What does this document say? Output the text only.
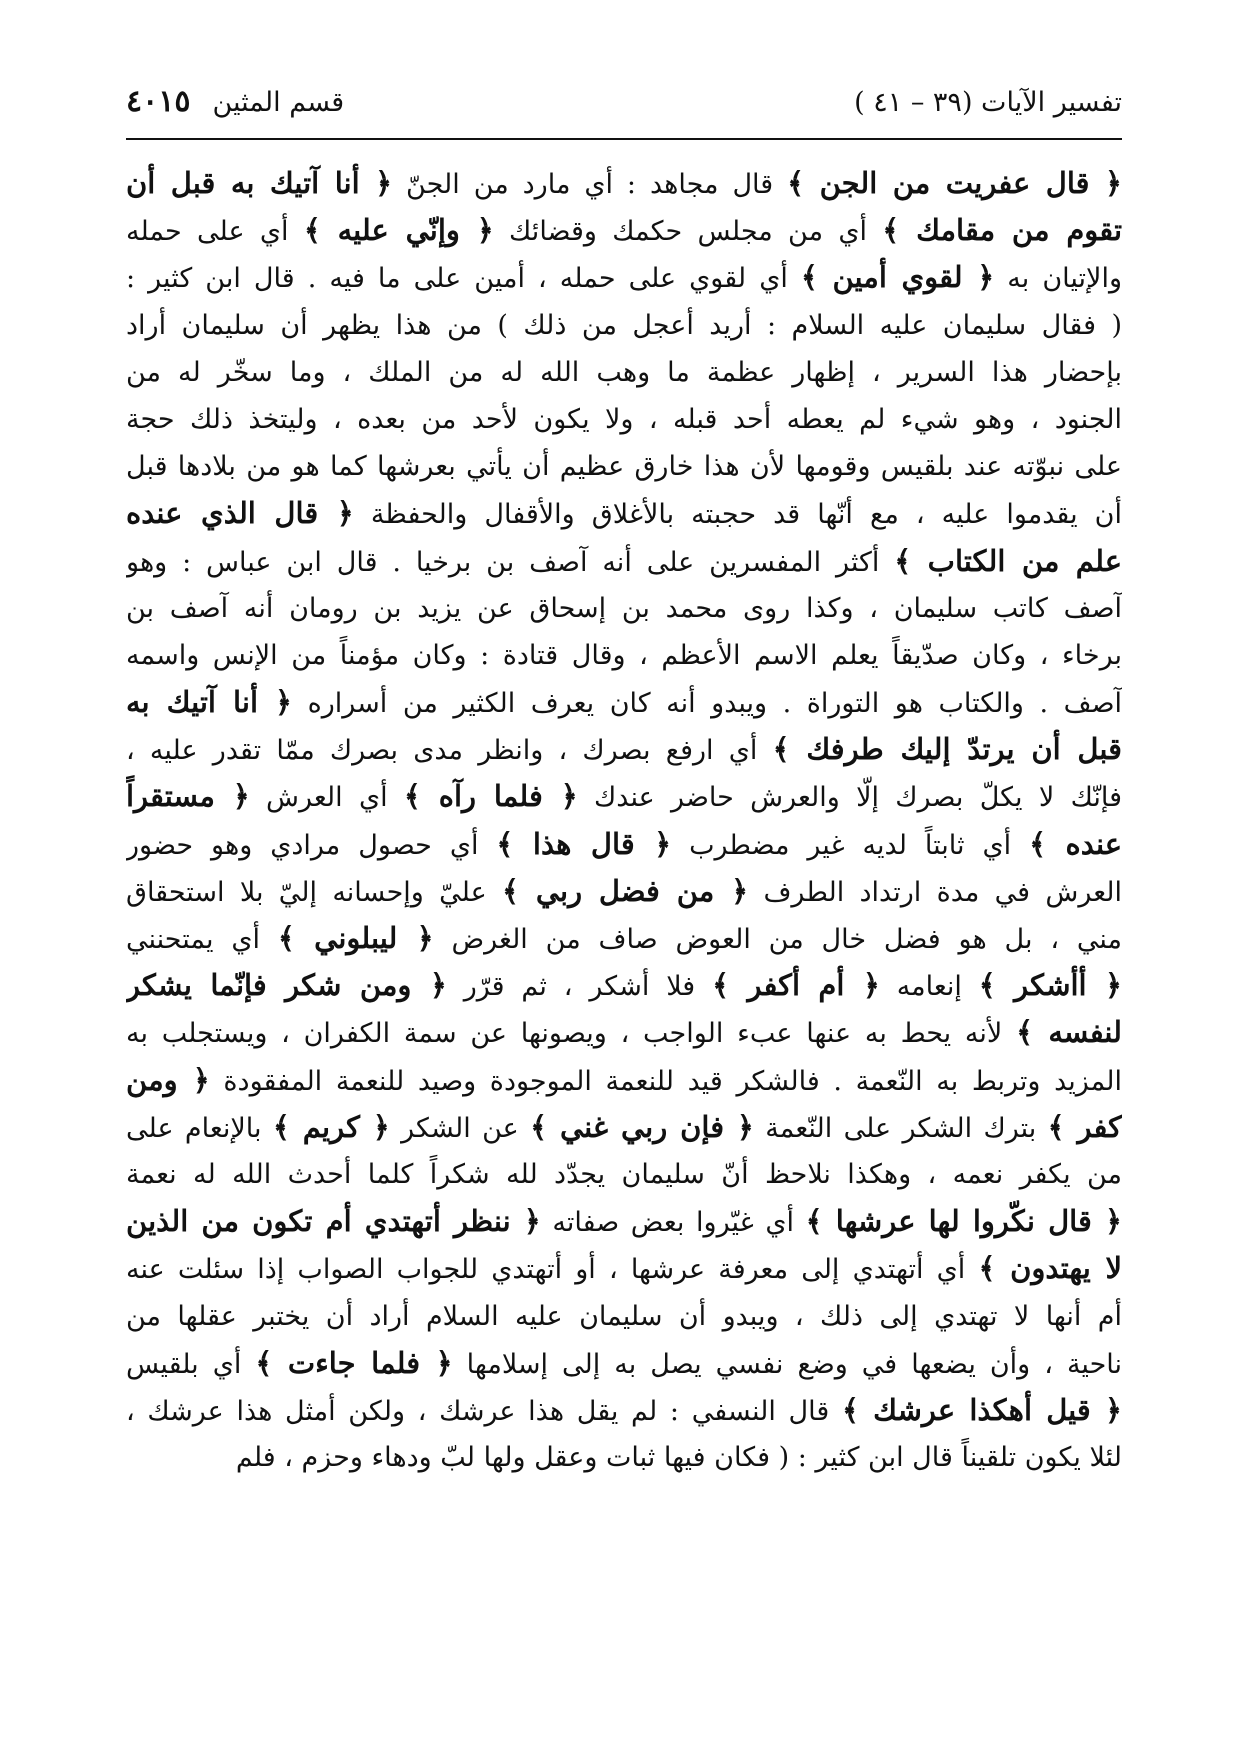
تفسير الآيات (٣٩ – ٤١ )
قسم المثين
٤٠١٥
﴿ قال عفريت من الجن ﴾ قال مجاهد : أي مارد من الجنّ ﴿ أنا آتيك به قبل أن
تقوم من مقامك ﴾ أي من مجلس حكمك وقضائك ﴿ وإنّي عليه ﴾ أي على حمله
والإتيان به ﴿ لقوي أمين ﴾ أي لقوي على حمله ، أمين على ما فيه . قال ابن كثير :
( فقال سليمان عليه السلام : أريد أعجل من ذلك ) من هذا يظهر أن سليمان أراد
بإحضار هذا السرير ، إظهار عظمة ما وهب الله له من الملك ، وما سخّر له من
الجنود ، وهو شيء لم يعطه أحد قبله ، ولا يكون لأحد من بعده ، وليتخذ ذلك حجة
على نبوّته عند بلقيس وقومها لأن هذا خارق عظيم أن يأتي بعرشها كما هو من بلادها قبل
أن يقدموا عليه ، مع أنّها قد حجبته بالأغلاق والأقفال والحفظة ﴿ قال الذي عنده
علم من الكتاب ﴾ أكثر المفسرين على أنه آصف بن برخيا . قال ابن عباس : وهو
آصف كاتب سليمان ، وكذا روى محمد بن إسحاق عن يزيد بن رومان أنه آصف بن
برخاء ، وكان صدّيقاً يعلم الاسم الأعظم ، وقال قتادة : وكان مؤمناً من الإنس واسمه
آصف . والكتاب هو التوراة . ويبدو أنه كان يعرف الكثير من أسراره ﴿ أنا آتيك به
قبل أن يرتدّ إليك طرفك ﴾ أي ارفع بصرك ، وانظر مدى بصرك ممّا تقدر عليه ،
فإنّك لا يكلّ بصرك إلّا والعرش حاضر عندك ﴿ فلما رآه ﴾ أي العرش ﴿ مستقراً
عنده ﴾ أي ثابتاً لديه غير مضطرب ﴿ قال هذا ﴾ أي حصول مرادي وهو حضور
العرش في مدة ارتداد الطرف ﴿ من فضل ربي ﴾ عليّ وإحسانه إليّ بلا استحقاق
مني ، بل هو فضل خال من العوض صاف من الغرض ﴿ ليبلوني ﴾ أي يمتحنني
﴿ أأشكر ﴾ إنعامه ﴿ أم أكفر ﴾ فلا أشكر ، ثم قرّر ﴿ ومن شكر فإنّما يشكر
لنفسه ﴾ لأنه يحط به عنها عبء الواجب ، ويصونها عن سمة الكفران ، ويستجلب به
المزيد وتربط به النّعمة . فالشكر قيد للنعمة الموجودة وصيد للنعمة المفقودة ﴿ ومن
كفر ﴾ بترك الشكر على النّعمة ﴿ فإن ربي غني ﴾ عن الشكر ﴿ كريم ﴾ بالإنعام على
من يكفر نعمه ، وهكذا نلاحظ أنّ سليمان يجدّد لله شكراً كلما أحدث الله له نعمة
﴿ قال نكّروا لها عرشها ﴾ أي غيّروا بعض صفاته ﴿ ننظر أتهتدي أم تكون من الذين
لا يهتدون ﴾ أي أتهتدي إلى معرفة عرشها ، أو أتهتدي للجواب الصواب إذا سئلت عنه
أم أنها لا تهتدي إلى ذلك ، ويبدو أن سليمان عليه السلام أراد أن يختبر عقلها من
ناحية ، وأن يضعها في وضع نفسي يصل به إلى إسلامها ﴿ فلما جاءت ﴾ أي بلقيس
﴿ قيل أهكذا عرشك ﴾ قال النسفي : لم يقل هذا عرشك ، ولكن أمثل هذا عرشك ،
لئلا يكون تلقيناً قال ابن كثير : ( فكان فيها ثبات وعقل ولها لبّ ودهاء وحزم ، فلم
